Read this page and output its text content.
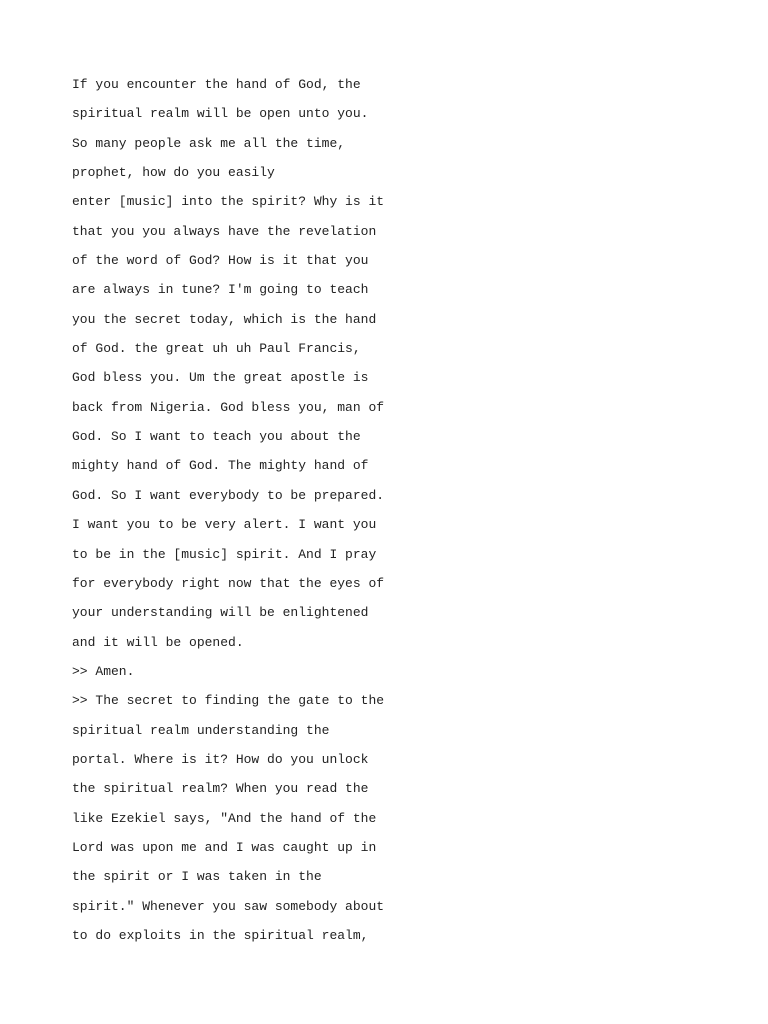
If you encounter the hand of God, the
spiritual realm will be open unto you.
So many people ask me all the time,
prophet, how do you easily
enter [music] into the spirit? Why is it
that you you always have the revelation
of the word of God? How is it that you
are always in tune? I'm going to teach
you the secret today, which is the hand
of God. the great uh uh Paul Francis,
God bless you. Um the great apostle is
back from Nigeria. God bless you, man of
God. So I want to teach you about the
mighty hand of God. The mighty hand of
God. So I want everybody to be prepared.
I want you to be very alert. I want you
to be in the [music] spirit. And I pray
for everybody right now that the eyes of
your understanding will be enlightened
and it will be opened.
>> Amen.
>> The secret to finding the gate to the
spiritual realm understanding the
portal. Where is it? How do you unlock
the spiritual realm? When you read the
like Ezekiel says, "And the hand of the
Lord was upon me and I was caught up in
the spirit or I was taken in the
spirit." Whenever you saw somebody about
to do exploits in the spiritual realm,
